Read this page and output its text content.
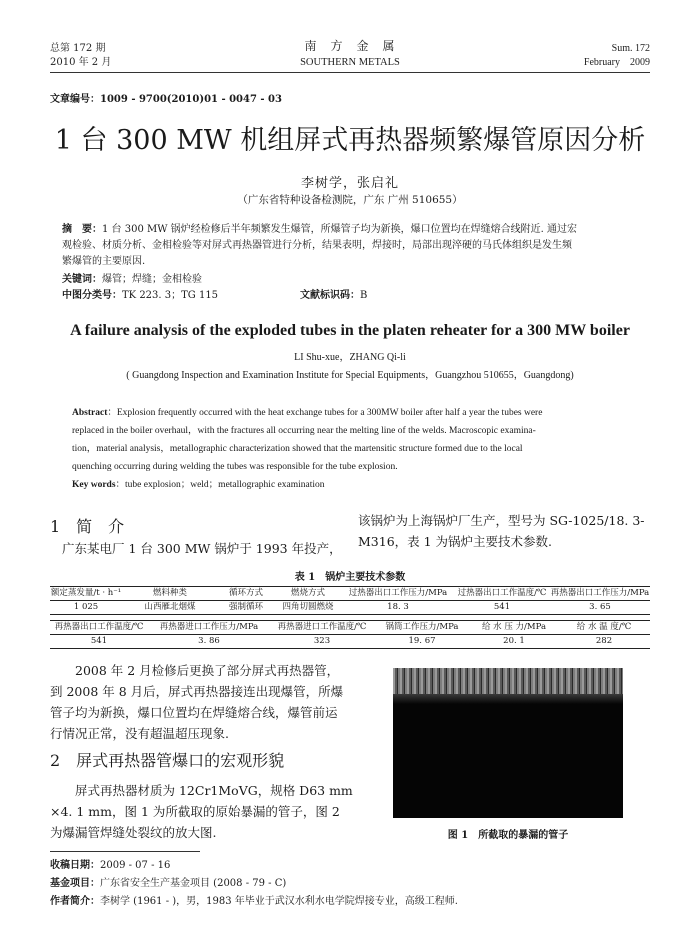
总第 172 期
2010 年 2 月
南　方　金　属
SOUTHERN METALS
Sum. 172
February　2009
文章编号：1009 - 9700(2010)01 - 0047 - 03
1 台 300 MW 机组屏式再热器频繁爆管原因分析
李树学，张启礼
（广东省特种设备检测院，广东 广州 510655）
摘　要：1 台 300 MW 锅炉经检修后半年频繁发生爆管，所爆管子均为新换，爆口位置均在焊缝熔合线附近. 通过宏
观检验、材质分析、金相检验等对屏式再热器管进行分析，结果表明，焊接时，局部出现淬硬的马氏体组织是发生频
繁爆管的主要原因.
关键词：爆管；焊缝；金相检验
中图分类号：TK 223. 3；TG 115	文献标识码：B
A failure analysis of the exploded tubes in the platen reheater for a 300 MW boiler
LI Shu-xue，ZHANG Qi-li
( Guangdong Inspection and Examination Institute for Special Equipments，Guangzhou 510655，Guangdong)
Abstract：Explosion frequently occurred with the heat exchange tubes for a 300MW boiler after half a year the tubes were
replaced in the boiler overhaul，with the fractures all occurring near the melting line of the welds. Macroscopic examina-
tion，material analysis，metallographic characterization showed that the martensitic structure formed due to the local
quenching occurring during welding the tubes was responsible for the tube explosion.
Key words：tube explosion；weld；metallographic examination
1　简　介
广东某电厂 1 台 300 MW 锅炉于 1993 年投产，
该锅炉为上海锅炉厂生产，型号为 SG-1025/18. 3-
M316，表 1 为锅炉主要技术参数.
表 1　锅炉主要技术参数
额定蒸发量/t · h⁻¹	燃料种类	循环方式	燃烧方式	过热器出口工作压力/MPa	过热器出口工作温度/℃	再热器出口工作压力/MPa
1 025	山西雁北烟煤	强制循环	四角切圆燃烧	18. 3	541	3. 65
再热器出口工作温度/℃	再热器进口工作压力/MPa	再热器进口工作温度/℃	锅筒工作压力/MPa	给 水 压 力/MPa	给 水 温 度/℃
541	3. 86	323	19. 67	20. 1	282
2008 年 2 月检修后更换了部分屏式再热器管，
到 2008 年 8 月后，屏式再热器接连出现爆管，所爆
管子均为新换，爆口位置均在焊缝熔合线，爆管前运
行情况正常，没有超温超压现象.
2　屏式再热器管爆口的宏观形貌
屏式再热器材质为 12Cr1MoVG，规格 D63 mm
×4. 1 mm，图 1 为所截取的原始暴漏的管子，图 2
为爆漏管焊缝处裂纹的放大图.	图 1　所截取的暴漏的管子
收稿日期：2009 - 07 - 16
基金项目：广东省安全生产基金项目 (2008 - 79 - C)
作者简介：李树学 (1961 - )，男，1983 年毕业于武汉水利水电学院焊接专业，高级工程师.
